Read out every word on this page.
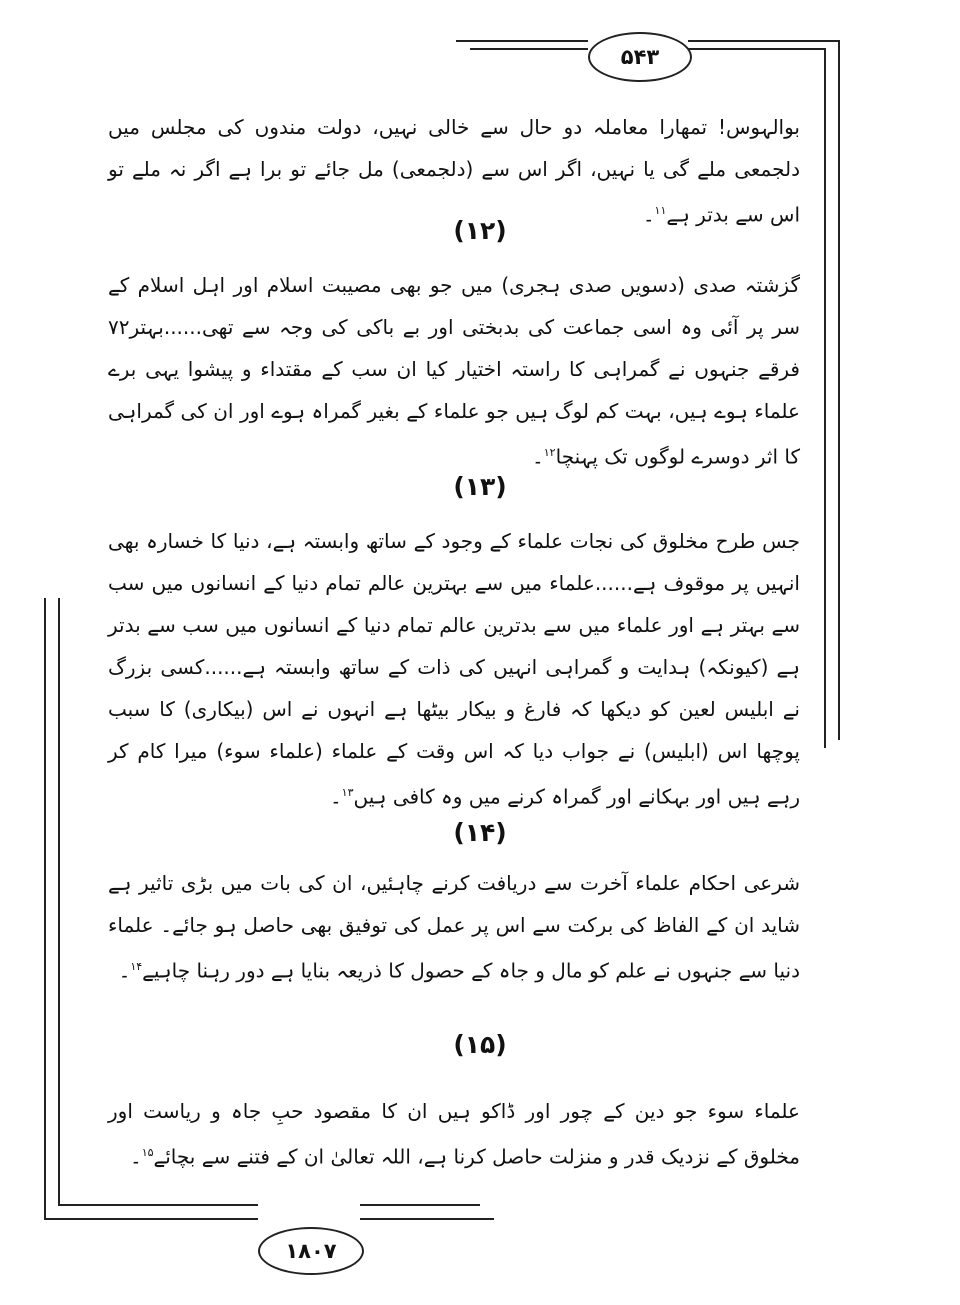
۵۴۳
بوالہوس! تمھارا معاملہ دو حال سے خالی نہیں، دولت مندوں کی مجلس میں دلجمعی ملے گی یا نہیں، اگر اس سے (دلجمعی) مل جائے تو برا ہے اگر نہ ملے تو اس سے بدتر ہے$^{۱۱}$۔
(۱۲)
گزشتہ صدی (دسویں صدی ہجری) میں جو بھی مصیبت اسلام اور اہل اسلام کے سر پر آئی وہ اسی جماعت کی بدبختی اور بے باکی کی وجہ سے تھی......بہتر۷۲ فرقے جنہوں نے گمراہی کا راستہ اختیار کیا ان سب کے مقتداء و پیشوا یہی برے علماء ہوے ہیں، بہت کم لوگ ہیں جو علماء کے بغیر گمراہ ہوے اور ان کی گمراہی کا اثر دوسرے لوگوں تک پہنچا$^{۱۲}$۔
(۱۳)
جس طرح مخلوق کی نجات علماء کے وجود کے ساتھ وابستہ ہے، دنیا کا خسارہ بھی انہیں پر موقوف ہے......علماء میں سے بہترین عالم تمام دنیا کے انسانوں میں سب سے بہتر ہے اور علماء میں سے بدترین عالم تمام دنیا کے انسانوں میں سب سے بدتر ہے (کیونکہ) ہدایت و گمراہی انہیں کی ذات کے ساتھ وابستہ ہے......کسی بزرگ نے ابلیس لعین کو دیکھا کہ فارغ و بیکار بیٹھا ہے انہوں نے اس (بیکاری) کا سبب پوچھا اس (ابلیس) نے جواب دیا کہ اس وقت کے علماء (علماء سوء) میرا کام کر رہے ہیں اور بہکانے اور گمراہ کرنے میں وہ کافی ہیں$^{۱۳}$۔
(۱۴)
شرعی احکام علماء آخرت سے دریافت کرنے چاہئیں، ان کی بات میں بڑی تاثیر ہے شاید ان کے الفاظ کی برکت سے اس پر عمل کی توفیق بھی حاصل ہو جائے۔ علماء دنیا سے جنہوں نے علم کو مال و جاہ کے حصول کا ذریعہ بنایا ہے دور رہنا چاہیے$^{۱۴}$۔
(۱۵)
علماء سوء جو دین کے چور اور ڈاکو ہیں ان کا مقصود حبِ جاہ و ریاست اور مخلوق کے نزدیک قدر و منزلت حاصل کرنا ہے، اللہ تعالیٰ ان کے فتنے سے بچائے$^{۱۵}$۔
۱۸۰۷
